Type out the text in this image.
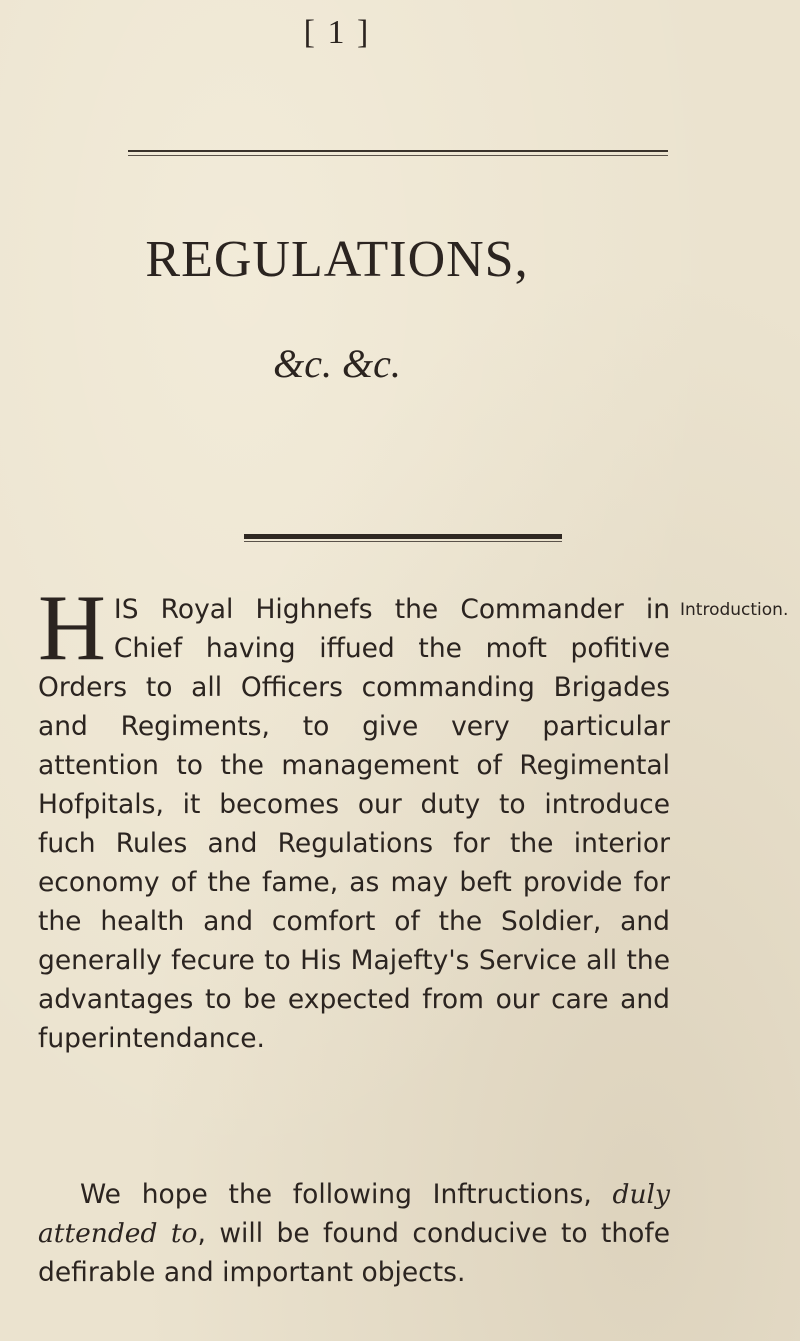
[ 1 ]
REGULATIONS,
&c. &c.
Introduction.

HIS Royal Highnefs the Commander in Chief having iffued the moft pofitive Orders to all Officers commanding Brigades and Regiments, to give very particular attention to the management of Regimental Hofpitals, it becomes our duty to introduce fuch Rules and Regulations for the interior economy of the fame, as may beft provide for the health and comfort of the Soldier, and generally fecure to His Majefty's Service all the advantages to be expected from our care and fuperintendance.

We hope the following Inftructions, duly attended to, will be found conducive to thofe defirable and important objects.
